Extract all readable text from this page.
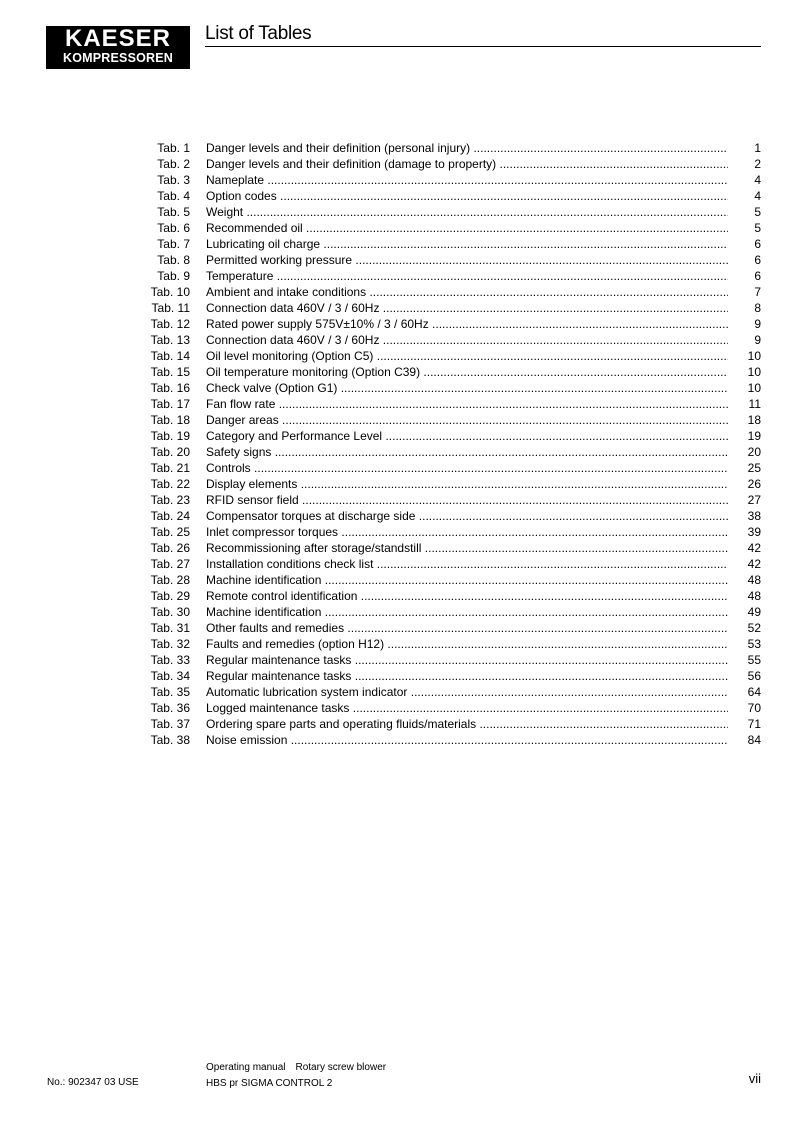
KAESER
KOMPRESSOREN
List of Tables
Tab. 1 Danger levels and their definition (personal injury) .....	1
Tab. 2 Danger levels and their definition (damage to property) .....	2
Tab. 3 Nameplate .....	4
Tab. 4 Option codes .....	4
Tab. 5 Weight .....	5
Tab. 6 Recommended oil .....	5
Tab. 7 Lubricating oil charge .....	6
Tab. 8 Permitted working pressure .....	6
Tab. 9 Temperature .....	6
Tab. 10 Ambient and intake conditions .....	7
Tab. 11 Connection data 460V / 3 / 60Hz .....	8
Tab. 12 Rated power supply 575V±10% / 3 / 60Hz .....	9
Tab. 13 Connection data 460V / 3 / 60Hz .....	9
Tab. 14 Oil level monitoring (Option C5) .....	10
Tab. 15 Oil temperature monitoring (Option C39) .....	10
Tab. 16 Check valve (Option G1) .....	10
Tab. 17 Fan flow rate .....	11
Tab. 18 Danger areas .....	18
Tab. 19 Category and Performance Level .....	19
Tab. 20 Safety signs .....	20
Tab. 21 Controls .....	25
Tab. 22 Display elements .....	26
Tab. 23 RFID sensor field .....	27
Tab. 24 Compensator torques at discharge side .....	38
Tab. 25 Inlet compressor torques .....	39
Tab. 26 Recommissioning after storage/standstill .....	42
Tab. 27 Installation conditions check list .....	42
Tab. 28 Machine identification .....	48
Tab. 29 Remote control identification .....	48
Tab. 30 Machine identification .....	49
Tab. 31 Other faults and remedies .....	52
Tab. 32 Faults and remedies (option H12) .....	53
Tab. 33 Regular maintenance tasks .....	55
Tab. 34 Regular maintenance tasks .....	56
Tab. 35 Automatic lubrication system indicator .....	64
Tab. 36 Logged maintenance tasks .....	70
Tab. 37 Ordering spare parts and operating fluids/materials .....	71
Tab. 38 Noise emission .....	84
No.: 902347 03 USE
Operating manual Rotary screw blower
HBS pr SIGMA CONTROL 2	vii
